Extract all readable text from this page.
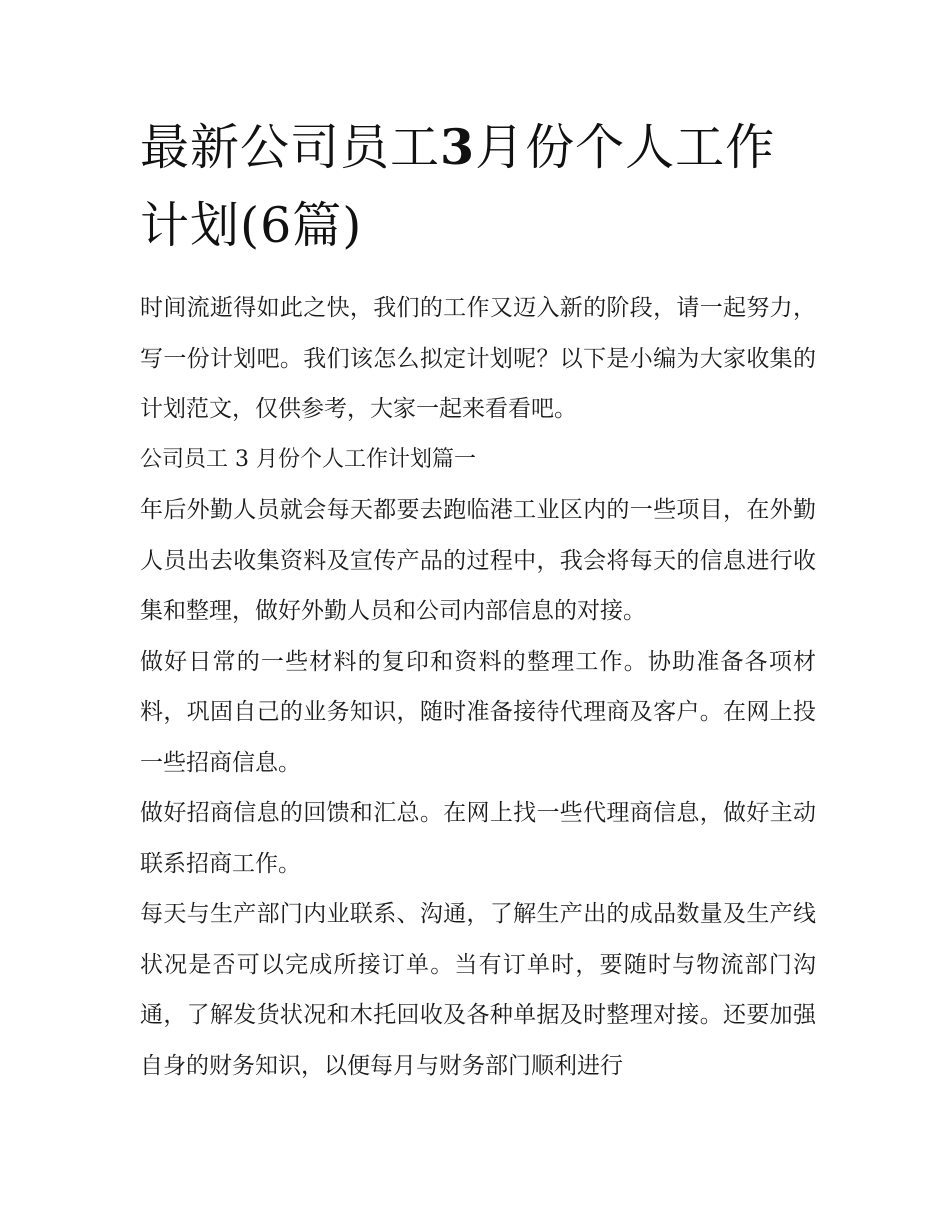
最新公司员工3月份个人工作计划(6篇)

时间流逝得如此之快，我们的工作又迈入新的阶段，请一起努力，写一份计划吧。我们该怎么拟定计划呢？以下是小编为大家收集的计划范文，仅供参考，大家一起来看看吧。

公司员工 3 月份个人工作计划篇一

年后外勤人员就会每天都要去跑临港工业区内的一些项目，在外勤人员出去收集资料及宣传产品的过程中，我会将每天的信息进行收集和整理，做好外勤人员和公司内部信息的对接。

做好日常的一些材料的复印和资料的整理工作。协助准备各项材料，巩固自己的业务知识，随时准备接待代理商及客户。在网上投一些招商信息。

做好招商信息的回馈和汇总。在网上找一些代理商信息，做好主动联系招商工作。

每天与生产部门内业联系、沟通，了解生产出的成品数量及生产线状况是否可以完成所接订单。当有订单时，要随时与物流部门沟通，了解发货状况和木托回收及各种单据及时整理对接。还要加强自身的财务知识，以便每月与财务部门顺利进行
